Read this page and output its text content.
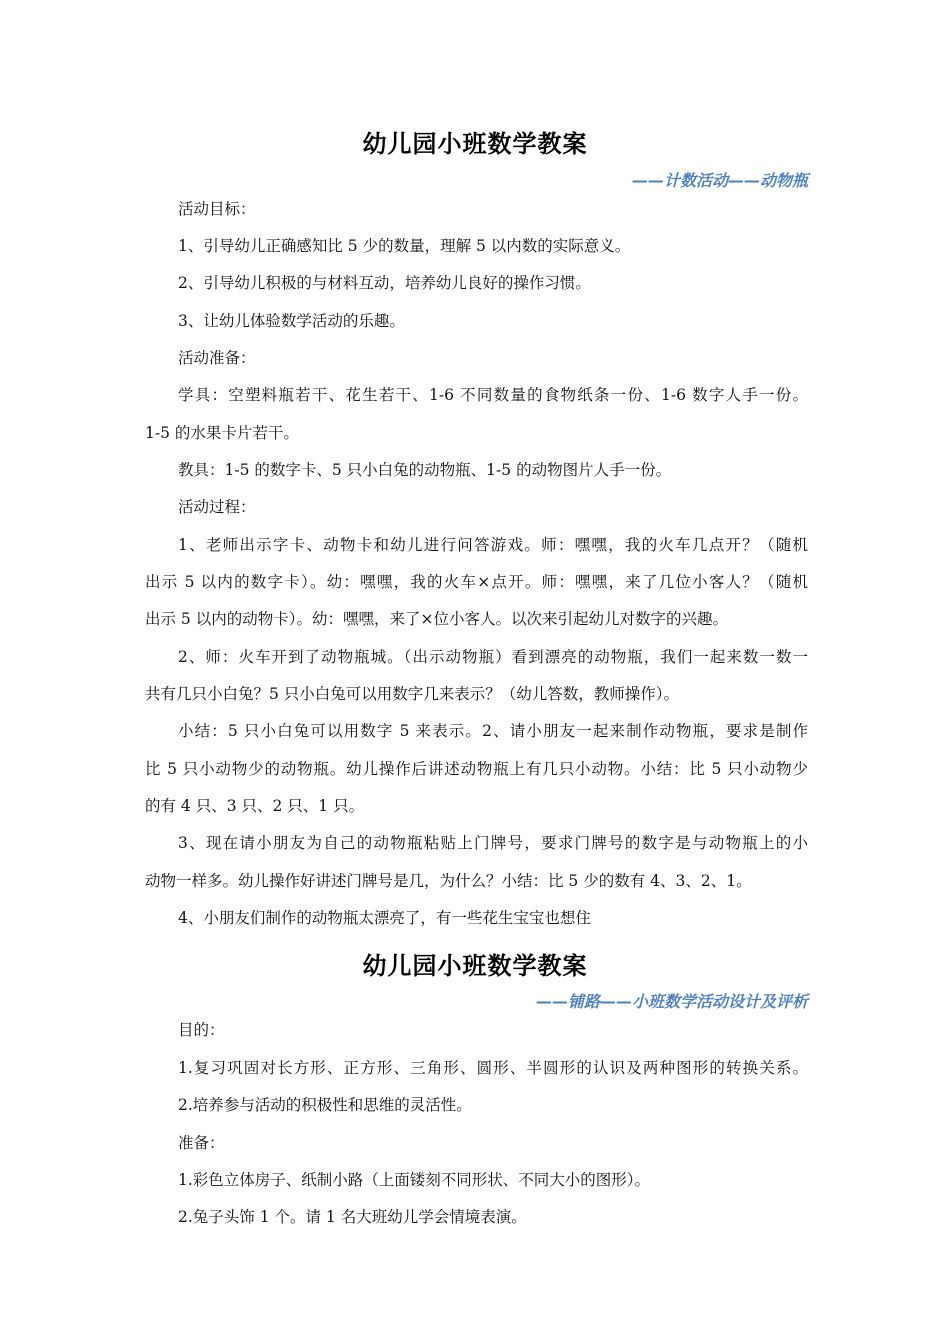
幼儿园小班数学教案
——计数活动——动物瓶
活动目标：
1、引导幼儿正确感知比 5 少的数量，理解 5 以内数的实际意义。
2、引导幼儿积极的与材料互动，培养幼儿良好的操作习惯。
3、让幼儿体验数学活动的乐趣。
活动准备：
学具：空塑料瓶若干、花生若干、1-6 不同数量的食物纸条一份、1-6 数字人手一份。
1-5 的水果卡片若干。
教具：1-5 的数字卡、5 只小白兔的动物瓶、1-5 的动物图片人手一份。
活动过程：
1、老师出示字卡、动物卡和幼儿进行问答游戏。师：嘿嘿，我的火车几点开？（随机
出示 5 以内的数字卡）。幼：嘿嘿，我的火车×点开。师：嘿嘿，来了几位小客人？（随机
出示 5 以内的动物卡）。幼：嘿嘿，来了×位小客人。以次来引起幼儿对数字的兴趣。
2、师：火车开到了动物瓶城。（出示动物瓶）看到漂亮的动物瓶，我们一起来数一数一
共有几只小白兔？5 只小白兔可以用数字几来表示？（幼儿答数，教师操作）。
小结：5 只小白兔可以用数字 5 来表示。2、请小朋友一起来制作动物瓶，要求是制作
比 5 只小动物少的动物瓶。幼儿操作后讲述动物瓶上有几只小动物。小结：比 5 只小动物少
的有 4 只、3 只、2 只、1 只。
3、现在请小朋友为自己的动物瓶粘贴上门牌号，要求门牌号的数字是与动物瓶上的小
动物一样多。幼儿操作好讲述门牌号是几，为什么？小结：比 5 少的数有 4、3、2、1。
4、小朋友们制作的动物瓶太漂亮了，有一些花生宝宝也想住
幼儿园小班数学教案
——铺路——小班数学活动设计及评析
目的：
1.复习巩固对长方形、正方形、三角形、圆形、半圆形的认识及两种图形的转换关系。
2.培养参与活动的积极性和思维的灵活性。
准备：
1.彩色立体房子、纸制小路（上面镂刻不同形状、不同大小的图形）。
2.兔子头饰 1 个。请 1 名大班幼儿学会情境表演。
